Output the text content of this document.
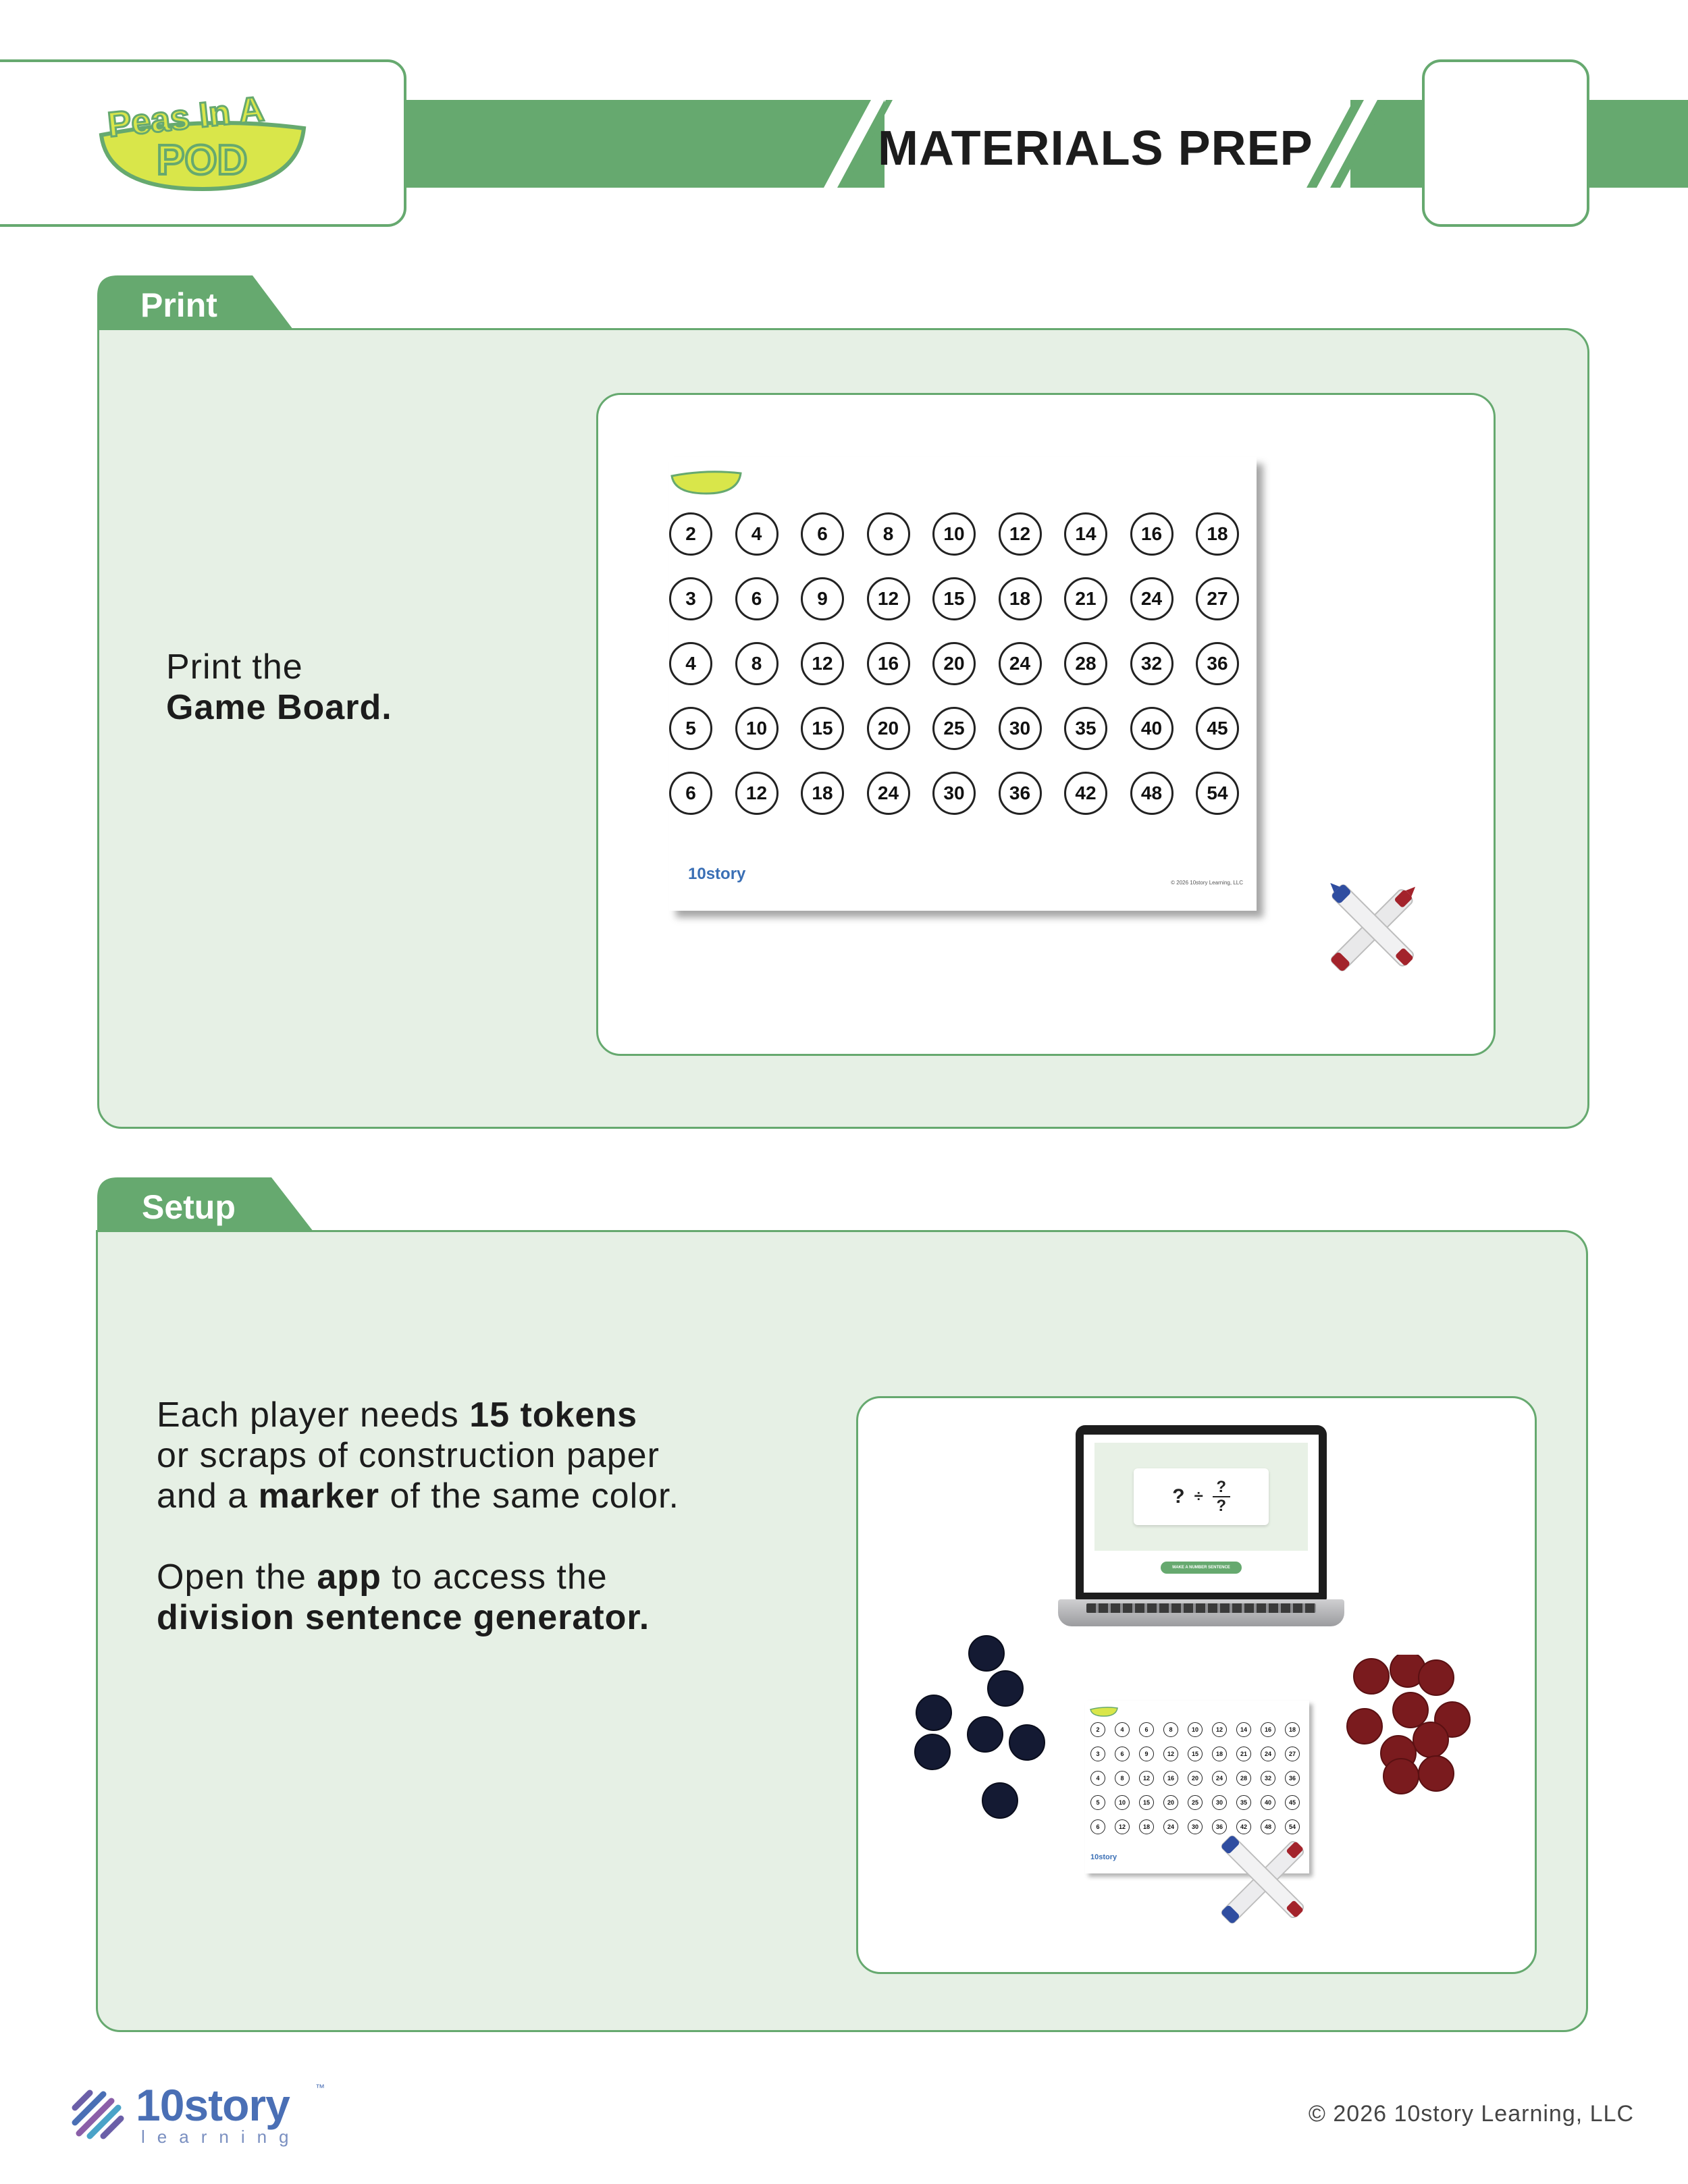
Peas In A
POD	MATERIALS PREP
Print
Print the
Game Board.
2	4	6	8	10	12	14	16	18
3	6	9	12	15	18	21	24	27
4	8	12	16	20	24	28	32	36
5	10	15	20	25	30	35	40	45
6	12	18	24	30	36	42	48	54
10story	© 2026 10story Learning, LLC
Setup
Each player needs 15 tokens
or scraps of construction paper and a marker of the same color.
Open the app to access the
division sentence generator.
? ÷
?
?
MAKE A NUMBER SENTENCE
2	4	6	8	10	12	14	16	18
3	6	9	12	15	18	21	24	27
4	8	12	16	20	24	28	32	36
5	10	15	20	25	30	35	40	45
6	12	18	24	30	36	42	48	54
10story
10story	™
learning
© 2026 10story Learning, LLC
